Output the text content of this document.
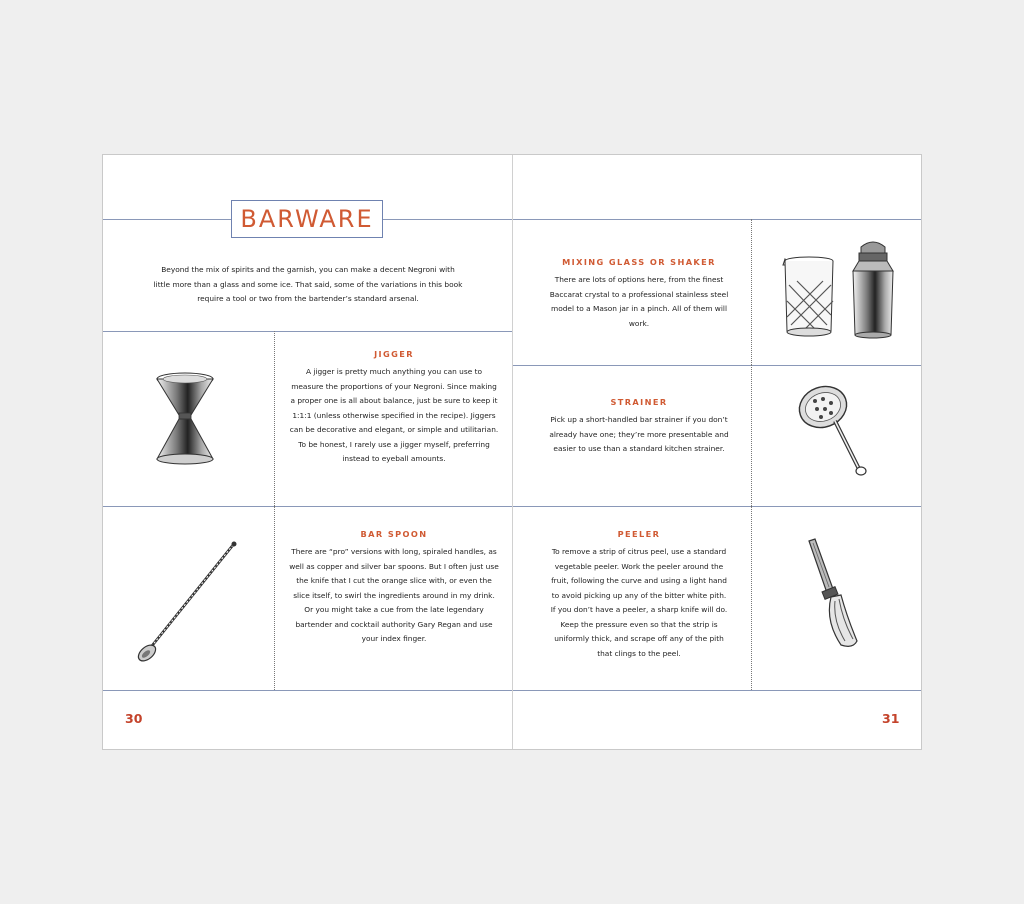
BARWARE
Beyond the mix of spirits and the garnish, you can make a decent Negroni with little more than a glass and some ice. That said, some of the variations in this book require a tool or two from the bartender’s standard arsenal.
JIGGER

A jigger is pretty much anything you can use to measure the proportions of your Negroni. Since making a proper one is all about balance, just be sure to keep it 1:1:1 (unless otherwise specified in the recipe). Jiggers can be decorative and elegant, or simple and utilitarian. To be honest, I rarely use a jigger myself, preferring instead to eyeball amounts.

BAR SPOON

There are “pro” versions with long, spiraled handles, as well as copper and silver bar spoons. But I often just use the knife that I cut the orange slice with, or even the slice itself, to swirl the ingredients around in my drink. Or you might take a cue from the late legendary bartender and cocktail authority Gary Regan and use your index finger.

MIXING GLASS OR SHAKER

There are lots of options here, from the finest Baccarat crystal to a professional stainless steel model to a Mason jar in a pinch. All of them will work.

STRAINER

Pick up a short-handled bar strainer if you don’t already have one; they’re more presentable and easier to use than a standard kitchen strainer.

PEELER

To remove a strip of citrus peel, use a standard vegetable peeler. Work the peeler around the fruit, following the curve and using a light hand to avoid picking up any of the bitter white pith. If you don’t have a peeler, a sharp knife will do. Keep the pressure even so that the strip is uniformly thick, and scrape off any of the pith that clings to the peel.

30	31
